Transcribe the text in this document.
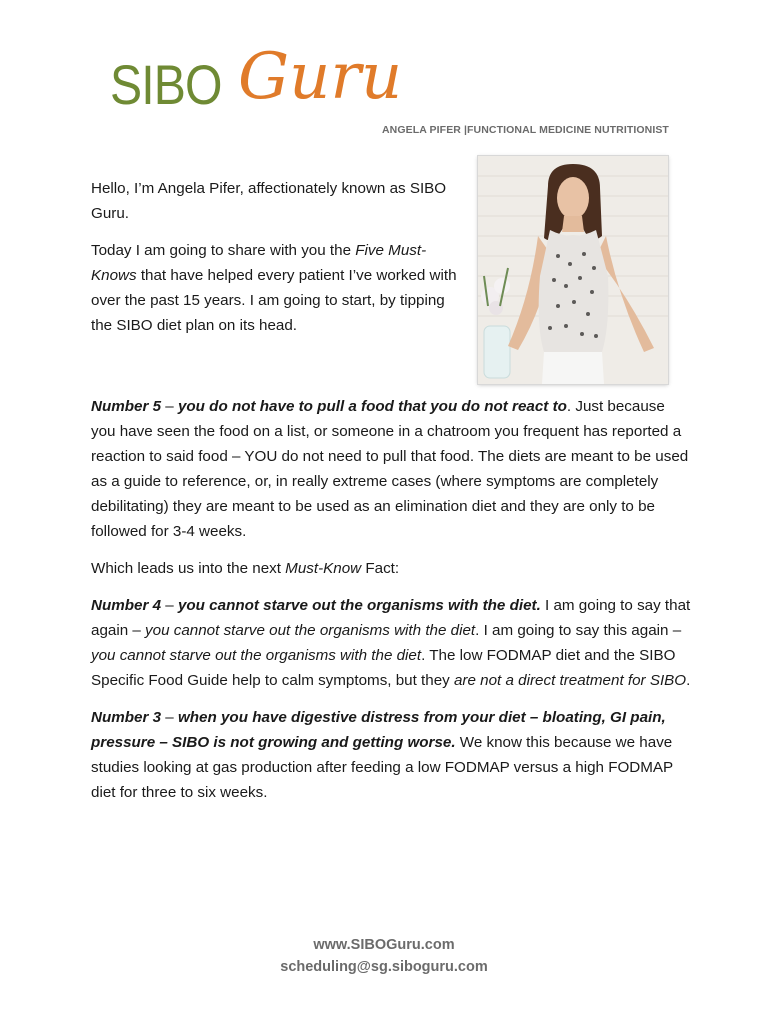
SIBO Guru
ANGELA PIFER |FUNCTIONAL MEDICINE NUTRITIONIST

Hello, I’m Angela Pifer, affectionately known as SIBO Guru.

Today I am going to share with you the Five Must-Knows that have helped every patient I’ve worked with over the past 15 years. I am going to start, by tipping the SIBO diet plan on its head.

Number 5 – you do not have to pull a food that you do not react to. Just because you have seen the food on a list, or someone in a chatroom you frequent has reported a reaction to said food – YOU do not need to pull that food. The diets are meant to be used as a guide to reference, or, in really extreme cases (where symptoms are completely debilitating) they are meant to be used as an elimination diet and they are only to be followed for 3-4 weeks.

Which leads us into the next Must-Know Fact:

Number 4 – you cannot starve out the organisms with the diet. I am going to say that again – you cannot starve out the organisms with the diet. I am going to say this again – you cannot starve out the organisms with the diet. The low FODMAP diet and the SIBO Specific Food Guide help to calm symptoms, but they are not a direct treatment for SIBO.

Number 3 – when you have digestive distress from your diet – bloating, GI pain, pressure – SIBO is not growing and getting worse. We know this because we have studies looking at gas production after feeding a low FODMAP versus a high FODMAP diet for three to six weeks.

www.SIBOGuru.com
scheduling@sg.siboguru.com
